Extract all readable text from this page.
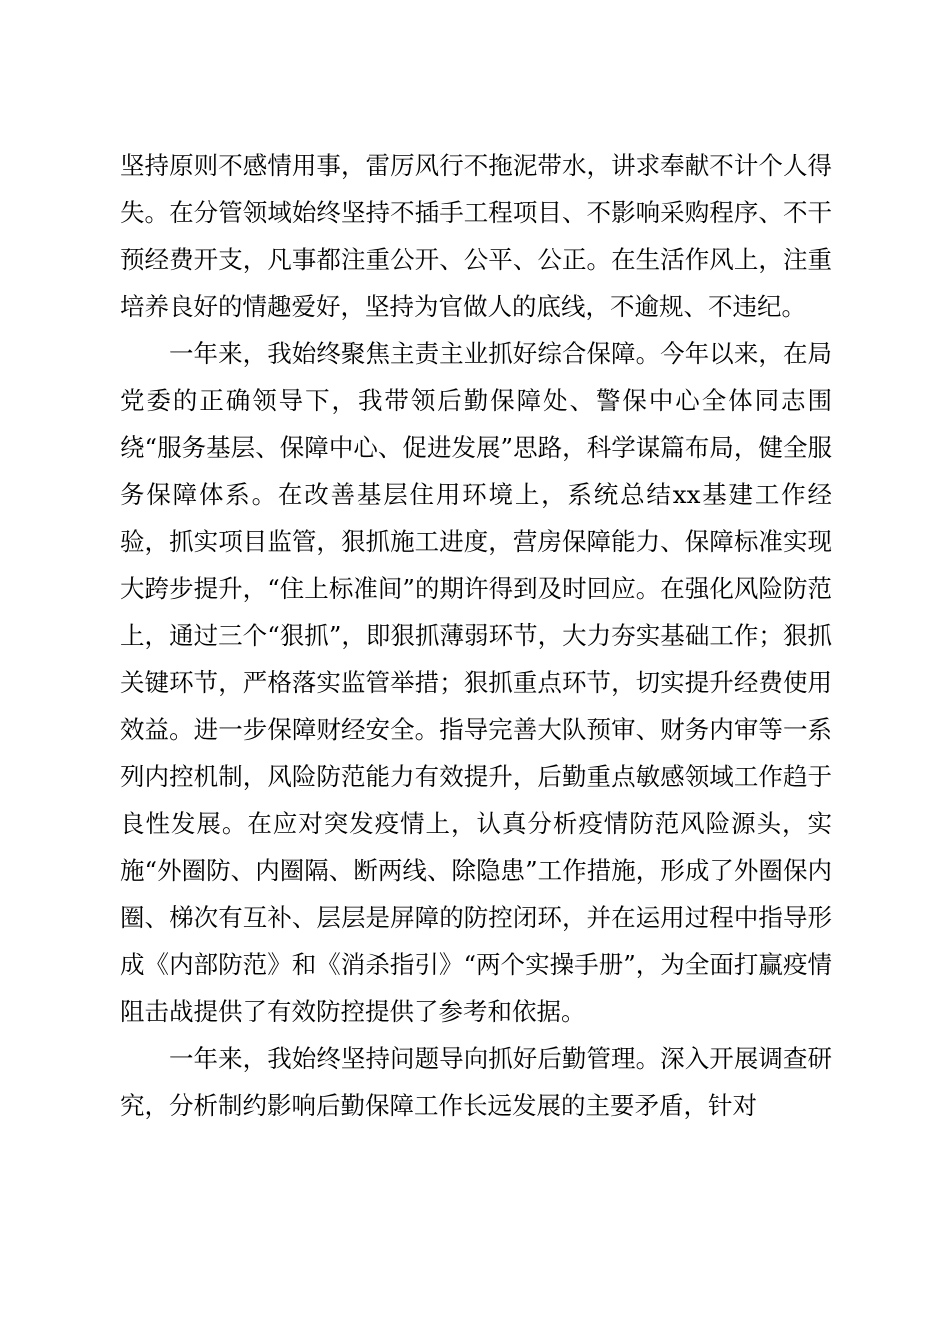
坚持原则不感情用事，雷厉风行不拖泥带水，讲求奉献不计个人得失。在分管领域始终坚持不插手工程项目、不影响采购程序、不干预经费开支，凡事都注重公开、公平、公正。在生活作风上，注重培养良好的情趣爱好，坚持为官做人的底线，不逾规、不违纪。

一年来，我始终聚焦主责主业抓好综合保障。今年以来，在局党委的正确领导下，我带领后勤保障处、警保中心全体同志围绕“服务基层、保障中心、促进发展”思路，科学谋篇布局，健全服务保障体系。在改善基层住用环境上，系统总结xx基建工作经验，抓实项目监管，狠抓施工进度，营房保障能力、保障标准实现大跨步提升，“住上标准间”的期许得到及时回应。在强化风险防范上，通过三个“狠抓”，即狠抓薄弱环节，大力夯实基础工作；狠抓关键环节，严格落实监管举措；狠抓重点环节，切实提升经费使用效益。进一步保障财经安全。指导完善大队预审、财务内审等一系列内控机制，风险防范能力有效提升，后勤重点敏感领域工作趋于良性发展。在应对突发疫情上，认真分析疫情防范风险源头，实施“外圈防、内圈隔、断两线、除隐患”工作措施，形成了外圈保内圈、梯次有互补、层层是屏障的防控闭环，并在运用过程中指导形成《内部防范》和《消杀指引》“两个实操手册”，为全面打赢疫情阻击战提供了有效防控提供了参考和依据。

一年来，我始终坚持问题导向抓好后勤管理。深入开展调查研究，分析制约影响后勤保障工作长远发展的主要矛盾，针对
